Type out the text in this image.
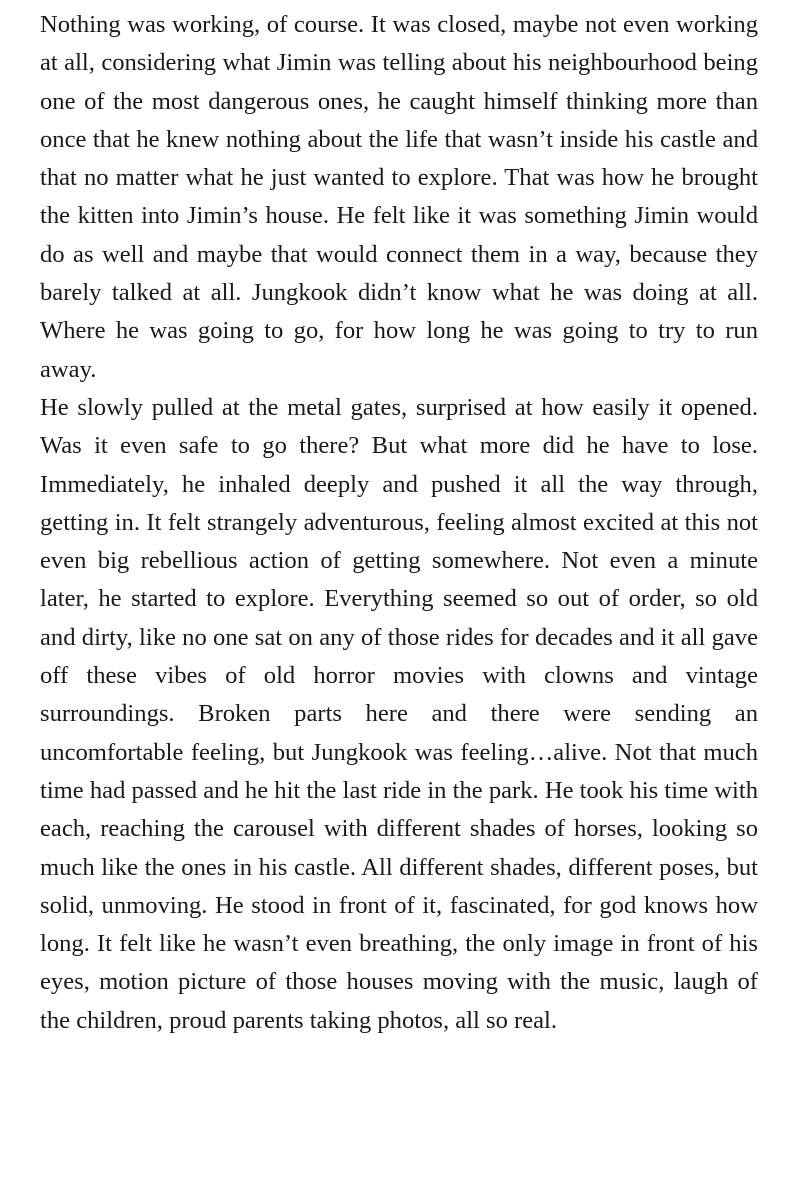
Nothing was working, of course. It was closed, maybe not even working at all, considering what Jimin was telling about his neighbourhood being one of the most dangerous ones, he caught himself thinking more than once that he knew nothing about the life that wasn’t inside his castle and that no matter what he just wanted to explore. That was how he brought the kitten into Jimin’s house. He felt like it was something Jimin would do as well and maybe that would connect them in a way, because they barely talked at all. Jungkook didn’t know what he was doing at all. Where he was going to go, for how long he was going to try to run away.

He slowly pulled at the metal gates, surprised at how easily it opened. Was it even safe to go there? But what more did he have to lose. Immediately, he inhaled deeply and pushed it all the way through, getting in. It felt strangely adventurous, feeling almost excited at this not even big rebellious action of getting somewhere. Not even a minute later, he started to explore. Everything seemed so out of order, so old and dirty, like no one sat on any of those rides for decades and it all gave off these vibes of old horror movies with clowns and vintage surroundings. Broken parts here and there were sending an uncomfortable feeling, but Jungkook was feeling…alive. Not that much time had passed and he hit the last ride in the park. He took his time with each, reaching the carousel with different shades of horses, looking so much like the ones in his castle. All different shades, different poses, but solid, unmoving. He stood in front of it, fascinated, for god knows how long. It felt like he wasn’t even breathing, the only image in front of his eyes, motion picture of those houses moving with the music, laugh of the children, proud parents taking photos, all so real.
